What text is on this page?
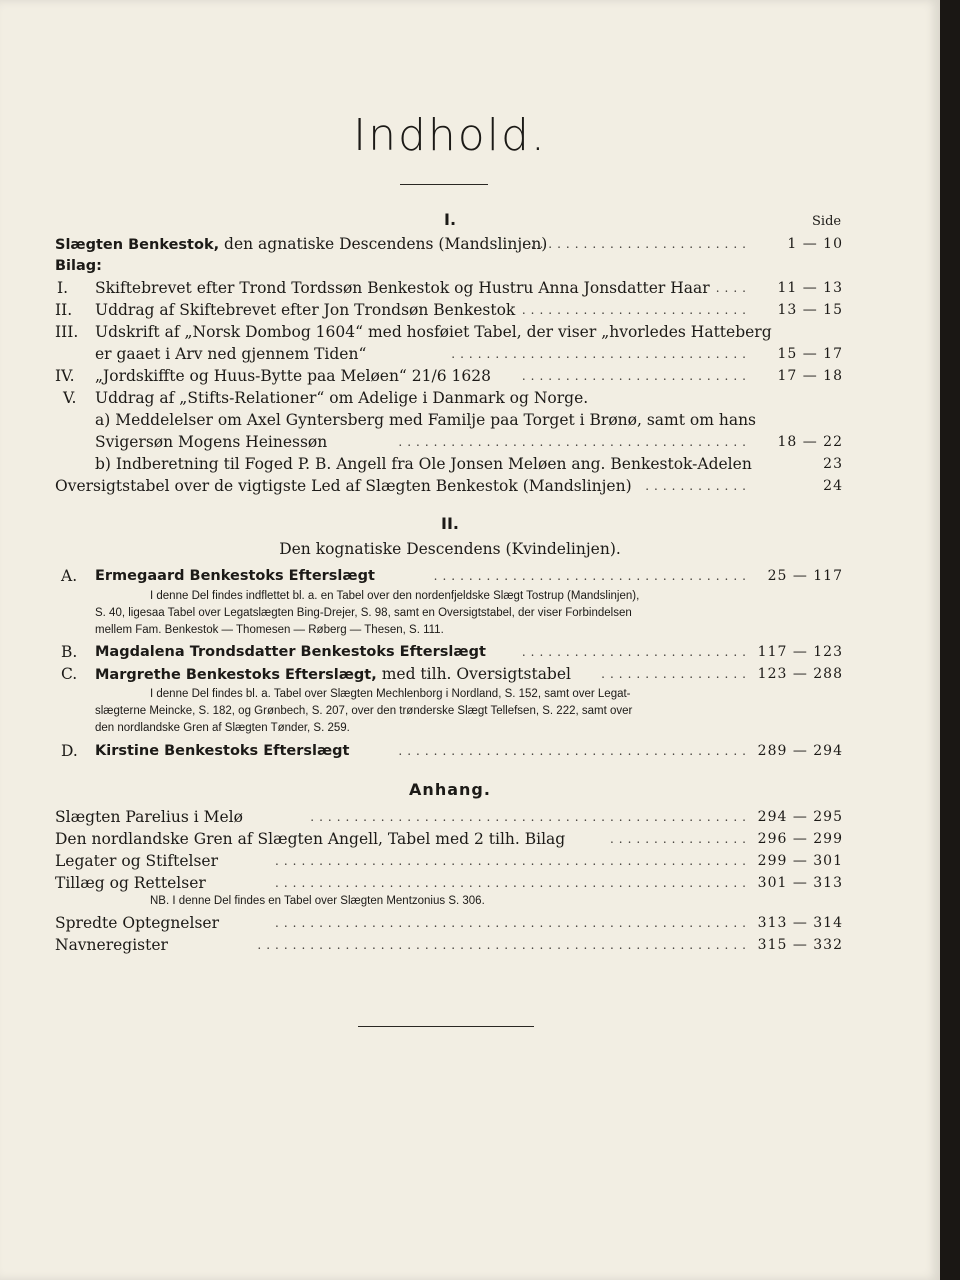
Indhold.
I.	Side
Slægten Benkestok, den agnatiske Descendens (Mandslinjen)
..........................	1 — 10
Bilag:
I. Skiftebrevet efter Trond Tordssøn Benkestok og Hustru Anna Jonsdatter Haar .... 11 — 13
II. Uddrag af Skiftebrevet efter Jon Trondsøn Benkestok .......................... 13 — 15
III. Udskrift af „Norsk Dombog 1604“ med hosføiet Tabel, der viser „hvorledes Hatteberg
er gaaet i Arv ned gjennem Tiden“	.................................. 15 — 17
IV. „Jordskiffte og Huus-Bytte paa Meløen“ 21/6 1628	.......................... 17 — 18
V. Uddrag af „Stifts-Relationer“ om Adelige i Danmark og Norge.
a) Meddelelser om Axel Gyntersberg med Familje paa Torget i Brønø, samt om hans
Svigersøn Mogens Heinessøn	........................................ 18 — 22
b) Indberetning til Foged P. B. Angell fra Ole Jonsen Meløen ang. Benkestok-Adelen	23
Oversigtstabel over de vigtigste Led af Slægten Benkestok (Mandslinjen)	............	24
II.
Den kognatiske Descendens (Kvindelinjen).
A. Ermegaard Benkestoks Efterslægt	.................................... 25 — 117
I denne Del findes indflettet bl. a. en Tabel over den nordenfjeldske Slægt Tostrup (Mandslinjen),
S. 40, ligesaa Tabel over Legatslægten Bing-Drejer, S. 98, samt en Oversigtstabel, der viser Forbindelsen
mellem Fam. Benkestok — Thomesen — Røberg — Thesen, S. 111.
B. Magdalena Trondsdatter Benkestoks Efterslægt	.......................... 117 — 123
C. Margrethe Benkestoks Efterslægt, med tilh. Oversigtstabel	................. 123 — 288
I denne Del findes bl. a. Tabel over Slægten Mechlenborg i Nordland, S. 152, samt over Legat-
slægterne Meincke, S. 182, og Grønbech, S. 207, over den trønderske Slægt Tellefsen, S. 222, samt over
den nordlandske Gren af Slægten Tønder, S. 259.
D. Kirstine Benkestoks Efterslægt	........................................ 289 — 294
Anhang.
Slægten Parelius i Melø	.................................................. 294 — 295
Den nordlandske Gren af Slægten Angell, Tabel med 2 tilh. Bilag	................ 296 — 299
Legater og Stiftelser	...................................................... 299 — 301
Tillæg og Rettelser	...................................................... 301 — 313
NB. I denne Del findes en Tabel over Slægten Mentzonius S. 306.
Spredte Optegnelser	...................................................... 313 — 314
Navneregister	........................................................ 315 — 332
